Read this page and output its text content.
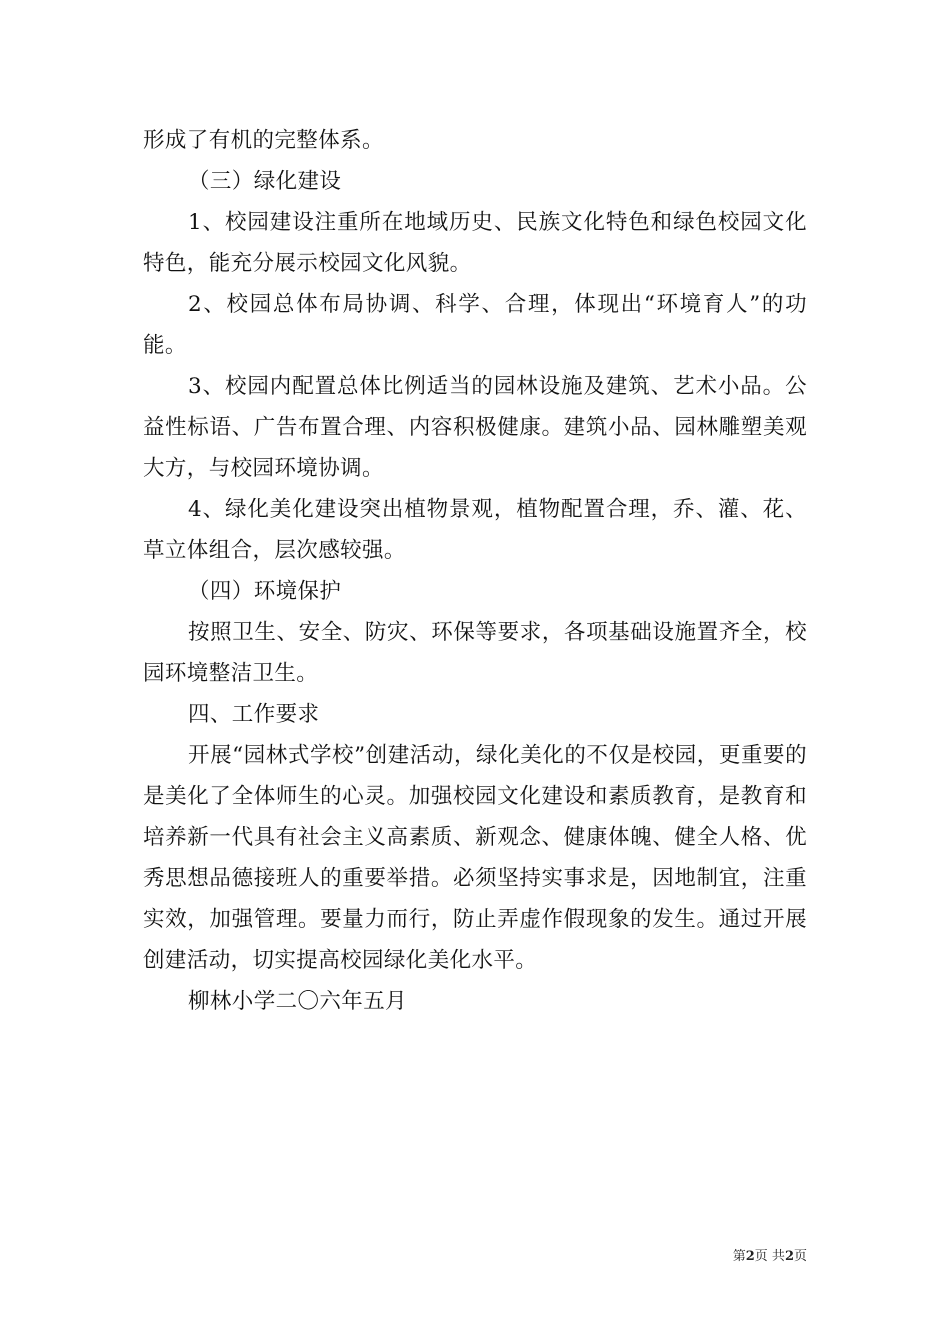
形成了有机的完整体系。

（三）绿化建设

1、校园建设注重所在地域历史、民族文化特色和绿色校园文化特色，能充分展示校园文化风貌。

2、校园总体布局协调、科学、合理，体现出“环境育人”的功能。

3、校园内配置总体比例适当的园林设施及建筑、艺术小品。公益性标语、广告布置合理、内容积极健康。建筑小品、园林雕塑美观大方，与校园环境协调。

4、绿化美化建设突出植物景观，植物配置合理，乔、灌、花、草立体组合，层次感较强。

（四）环境保护

按照卫生、安全、防灾、环保等要求，各项基础设施置齐全，校园环境整洁卫生。

四、工作要求

开展“园林式学校”创建活动，绿化美化的不仅是校园，更重要的是美化了全体师生的心灵。加强校园文化建设和素质教育，是教育和培养新一代具有社会主义高素质、新观念、健康体魄、健全人格、优秀思想品德接班人的重要举措。必须坚持实事求是，因地制宜，注重实效，加强管理。要量力而行，防止弄虚作假现象的发生。通过开展创建活动，切实提高校园绿化美化水平。

柳林小学二〇六年五月

第2页 共2页
